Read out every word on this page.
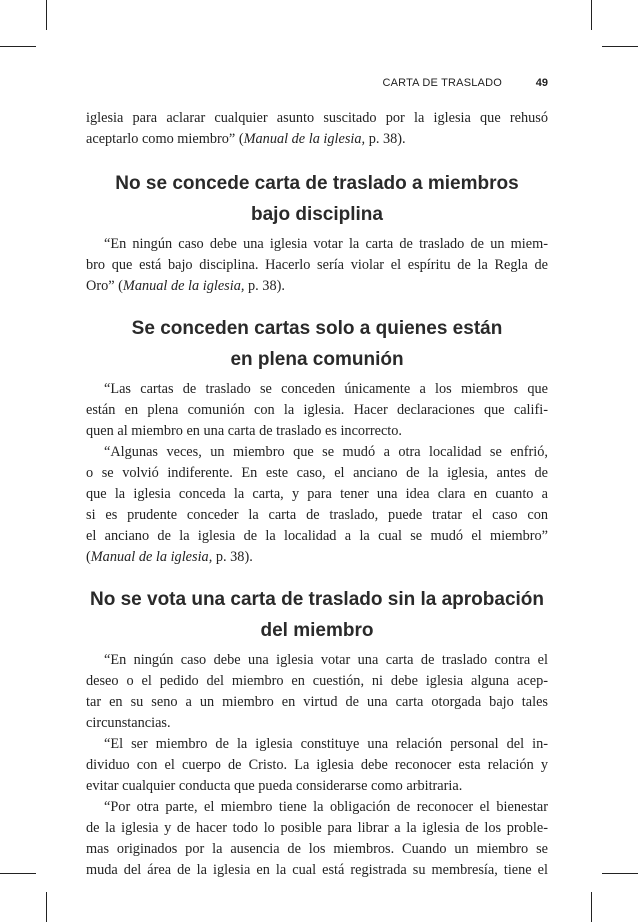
CARTA DE TRASLADO	49

iglesia para aclarar cualquier asunto suscitado por la iglesia que rehusó
aceptarlo como miembro” (Manual de la iglesia, p. 38).

No se concede carta de traslado a miembros
bajo disciplina

“En ningún caso debe una iglesia votar la carta de traslado de un miem-
bro que está bajo disciplina. Hacerlo sería violar el espíritu de la Regla de
Oro” (Manual de la iglesia, p. 38).

Se conceden cartas solo a quienes están
en plena comunión

“Las cartas de traslado se conceden únicamente a los miembros que
están en plena comunión con la iglesia. Hacer declaraciones que califi-
quen al miembro en una carta de traslado es incorrecto.

“Algunas veces, un miembro que se mudó a otra localidad se enfrió,
o se volvió indiferente. En este caso, el anciano de la iglesia, antes de
que la iglesia conceda la carta, y para tener una idea clara en cuanto a
si es prudente conceder la carta de traslado, puede tratar el caso con
el anciano de la iglesia de la localidad a la cual se mudó el miembro”
(Manual de la iglesia, p. 38).

No se vota una carta de traslado sin la aprobación
del miembro

“En ningún caso debe una iglesia votar una carta de traslado contra el
deseo o el pedido del miembro en cuestión, ni debe iglesia alguna acep-
tar en su seno a un miembro en virtud de una carta otorgada bajo tales
circunstancias.

“El ser miembro de la iglesia constituye una relación personal del in-
dividuo con el cuerpo de Cristo. La iglesia debe reconocer esta relación y
evitar cualquier conducta que pueda considerarse como arbitraria.

“Por otra parte, el miembro tiene la obligación de reconocer el bienestar
de la iglesia y de hacer todo lo posible para librar a la iglesia de los proble-
mas originados por la ausencia de los miembros. Cuando un miembro se
muda del área de la iglesia en la cual está registrada su membresía, tiene el
